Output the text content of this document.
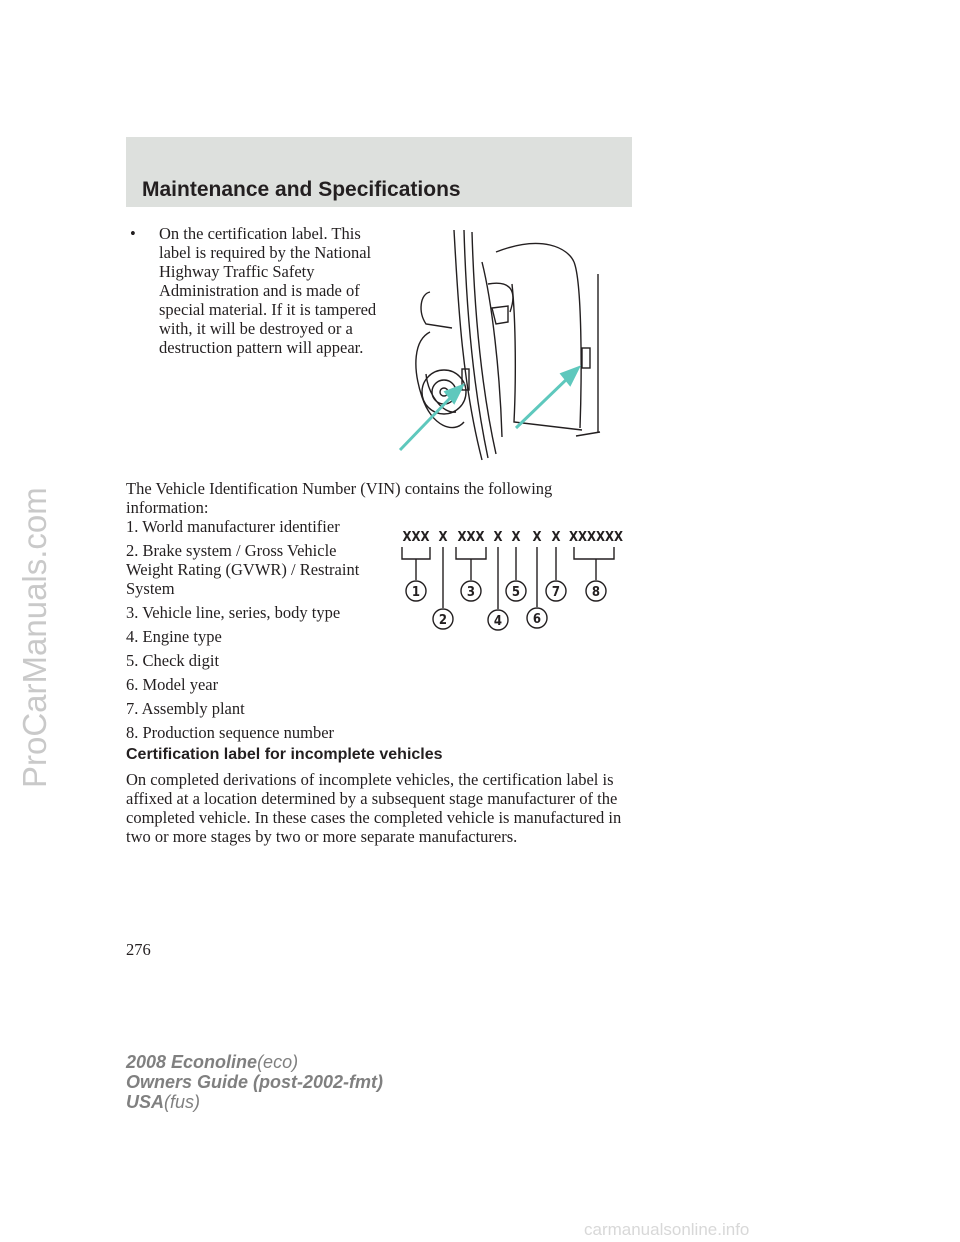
Maintenance and Specifications
• On the certification label. This label is required by the National Highway Traffic Safety Administration and is made of special material. If it is tampered with, it will be destroyed or a destruction pattern will appear.

The Vehicle Identification Number (VIN) contains the following information:

1. World manufacturer identifier
2. Brake system / Gross Vehicle Weight Rating (GVWR) / Restraint System
3. Vehicle line, series, body type
4. Engine type
5. Check digit
6. Model year
7. Assembly plant
8. Production sequence number
XXX X XXX X X X X XXXXXX
1
2
3
4
5
6
7 8
Certification label for incomplete vehicles

On completed derivations of incomplete vehicles, the certification label is affixed at a location determined by a subsequent stage manufacturer of the completed vehicle. In these cases the completed vehicle is manufactured in two or more stages by two or more separate manufacturers.

276
2008 Econoline(eco)
Owners Guide (post-2002-fmt)
USA(fus)
ProCarManuals.com
carmanualsonline.info
